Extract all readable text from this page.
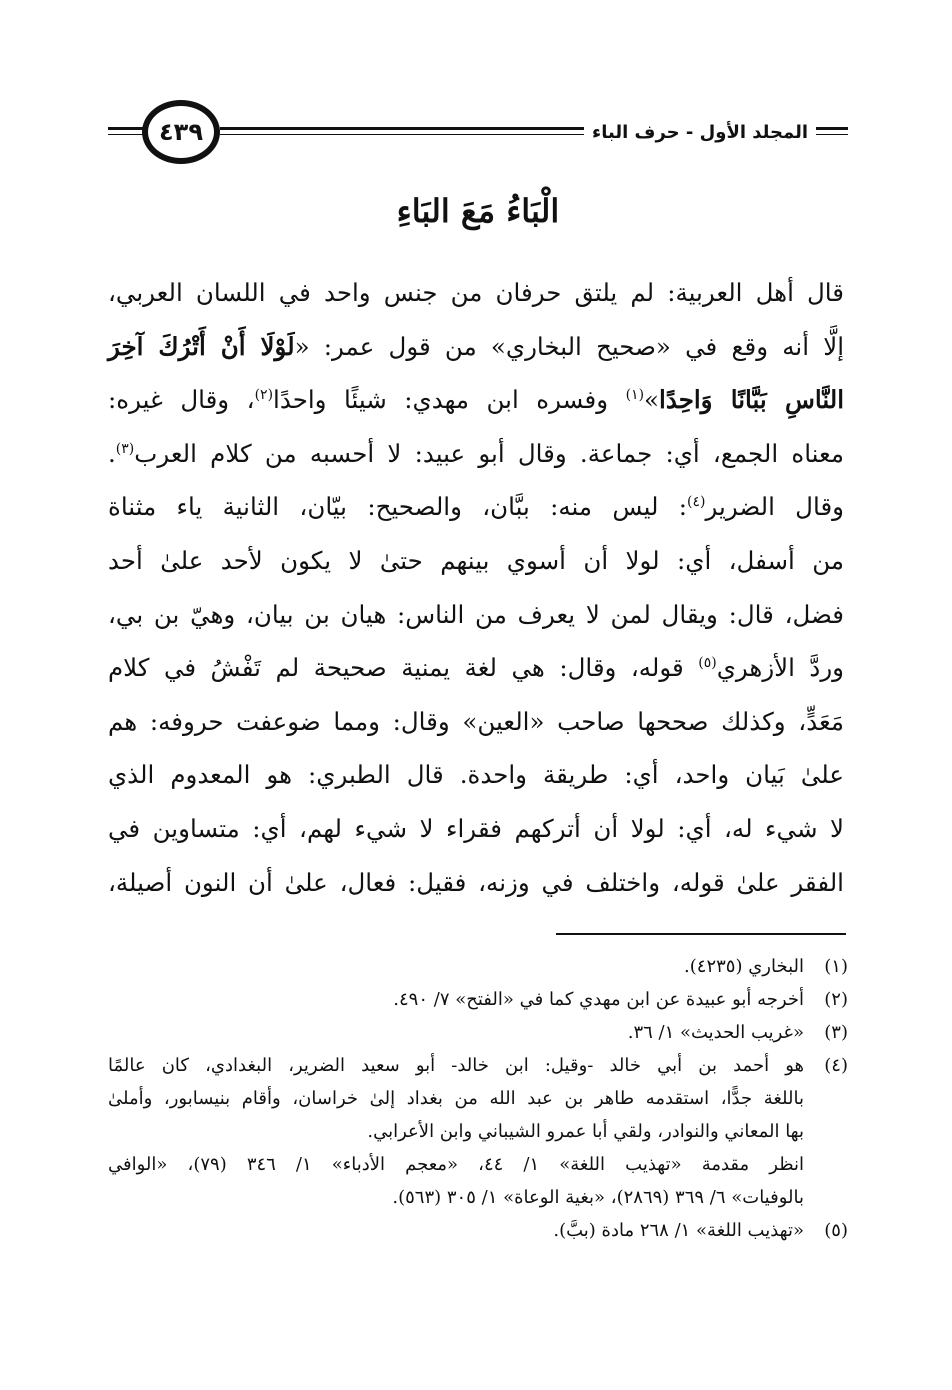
٤٣٩	المجلد الأول - حرف الباء
الْبَاءُ مَعَ البَاءِ
قال أهل العربية: لم يلتق حرفان من جنس واحد في اللسان العربي،
إلَّا أنه وقع في «صحيح البخاري» من قول عمر: «لَوْلَا أَنْ أَتْرُكَ آخِرَ
النَّاسِ بَبَّانًا وَاحِدًا»$^{(١)}$ وفسره ابن مهدي: شيئًا واحدًا$^{(٢)}$، وقال غيره:
معناه الجمع، أي: جماعة. وقال أبو عبيد: لا أحسبه من كلام العرب$^{(٣)}$.
وقال الضرير$^{(٤)}$: ليس منه: ببَّان، والصحيح: بيّان، الثانية ياء مثناة
من أسفل، أي: لولا أن أسوي بينهم حتىٰ لا يكون لأحد علىٰ أحد
فضل، قال: ويقال لمن لا يعرف من الناس: هيان بن بيان، وهيّ بن بي،
وردَّ الأزهري$^{(٥)}$ قوله، وقال: هي لغة يمنية صحيحة لم تَفْشُ في كلام
مَعَدٍّ، وكذلك صححها صاحب «العين» وقال: ومما ضوعفت حروفه: هم
علىٰ بَيان واحد، أي: طريقة واحدة. قال الطبري: هو المعدوم الذي
لا شيء له، أي: لولا أن أتركهم فقراء لا شيء لهم، أي: متساوين في
الفقر علىٰ قوله، واختلف في وزنه، فقيل: فعال، علىٰ أن النون أصيلة،
(١)
البخاري (٤٢٣٥).
(٢)
أخرجه أبو عبيدة عن ابن مهدي كما في «الفتح» ٧/ ٤٩٠.
(٣)
«غريب الحديث» ١/ ٣٦.
(٤)
هو أحمد بن أبي خالد -وقيل: ابن خالد- أبو سعيد الضرير، البغدادي، كان عالمًا
باللغة جدًّا، استقدمه طاهر بن عبد الله من بغداد إلىٰ خراسان، وأقام بنيسابور، وأملىٰ
بها المعاني والنوادر، ولقي أبا عمرو الشيباني وابن الأعرابي.
انظر مقدمة «تهذيب اللغة» ١/ ٤٤، «معجم الأدباء» ١/ ٣٤٦ (٧٩)، «الوافي
بالوفيات» ٦/ ٣٦٩ (٢٨٦٩)، «بغية الوعاة» ١/ ٣٠٥ (٥٦٣).
(٥)
«تهذيب اللغة» ١/ ٢٦٨ مادة (ببَّ).
